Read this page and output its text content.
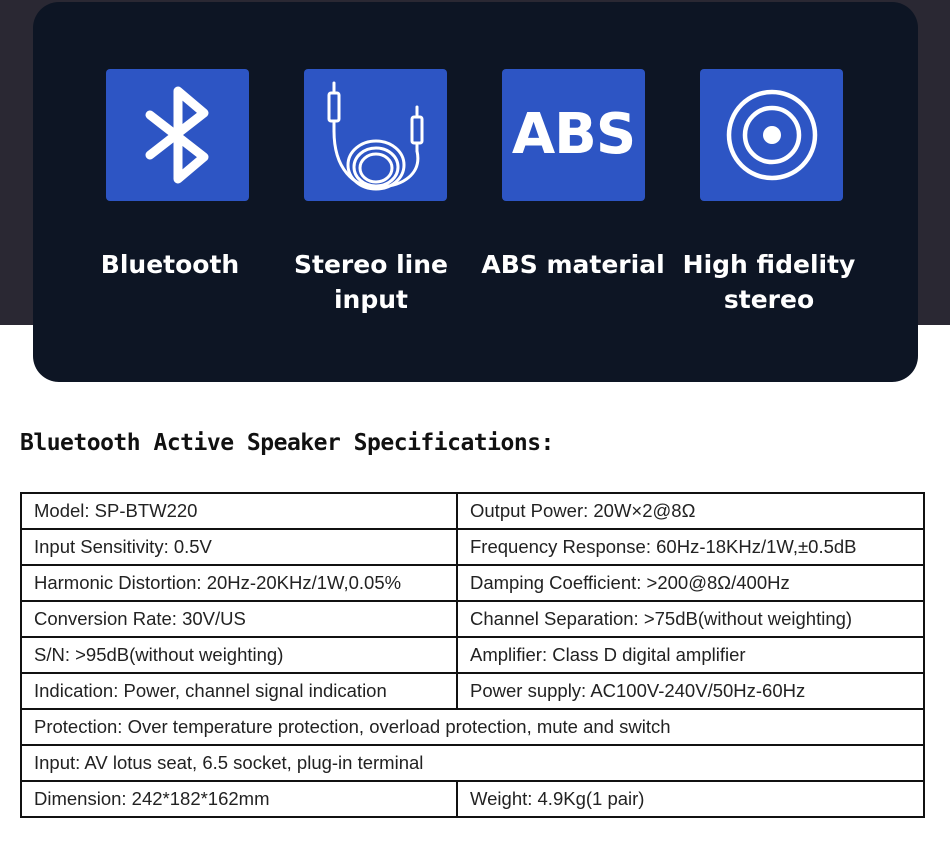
Bluetooth	Stereo line
input
ABS
ABS material High fidelity
stereo
Bluetooth Active Speaker Specifications:
Model: SP-BTW220	Output Power: 20W×2@8Ω
Input Sensitivity: 0.5V	Frequency Response: 60Hz-18KHz/1W,±0.5dB
Harmonic Distortion: 20Hz-20KHz/1W,0.05%	Damping Coefficient: >200@8Ω/400Hz
Conversion Rate: 30V/US	Channel Separation: >75dB(without weighting)
S/N: >95dB(without weighting)	Amplifier: Class D digital amplifier
Indication: Power, channel signal indication	Power supply: AC100V-240V/50Hz-60Hz
Protection: Over temperature protection, overload protection, mute and switch	
Input: AV lotus seat, 6.5 socket, plug-in terminal	
Dimension: 242*182*162mm	Weight: 4.9Kg(1 pair)
